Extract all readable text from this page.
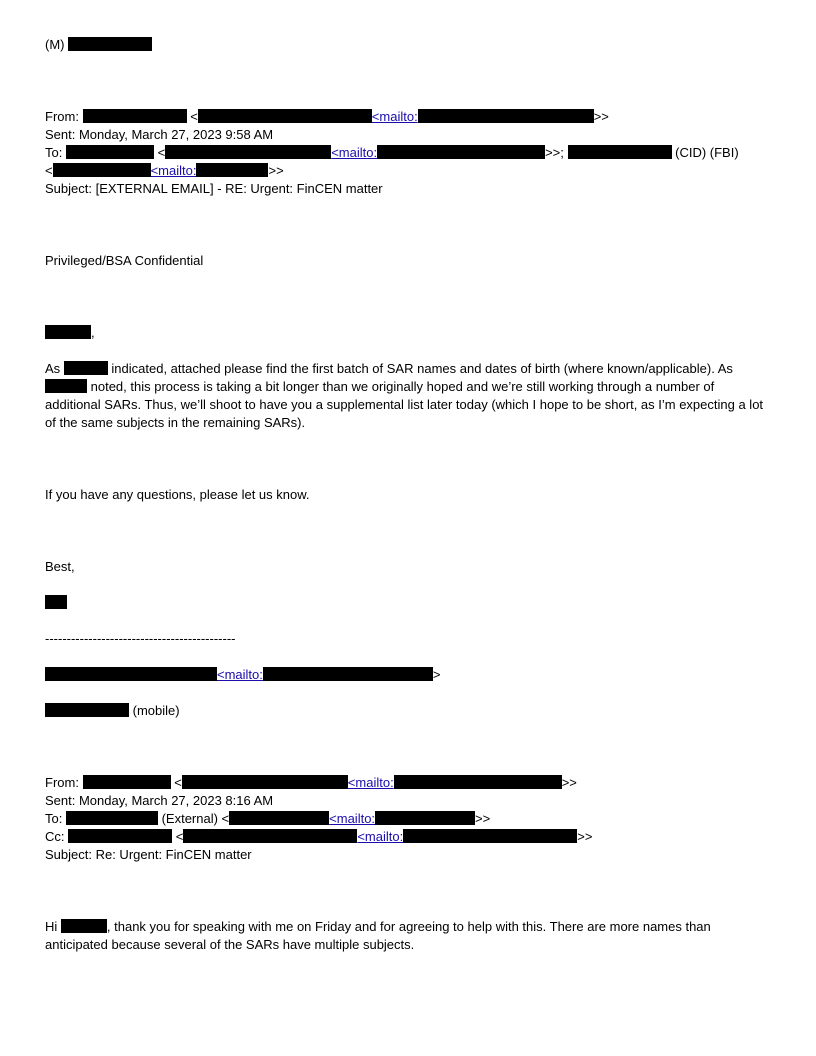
(M)
From:	<	<mailto:	>>
Sent: Monday, March 27, 2023 9:58 AM
To:	<	<mailto:	>>;	(CID) (FBI)
<	<mailto:	>>
Subject: [EXTERNAL EMAIL] - RE: Urgent: FinCEN matter
Privileged/BSA Confidential
,
As	indicated, attached please find the first batch of SAR names and dates of birth (where known/applicable). As  noted, this process is taking a bit longer than we originally hoped and we’re still working through a number of additional SARs. Thus, we’ll shoot to have you a supplemental list later today (which I hope to be short, as I’m expecting a lot of the same subjects in the remaining SARs).
If you have any questions, please let us know.
Best,
--------------------------------------------
<mailto:	>
(mobile)
From:	<	<mailto:	>>
Sent: Monday, March 27, 2023 8:16 AM
To:	(External) <	<mailto:	>>
Cc:	<	<mailto:	>>
Subject: Re: Urgent: FinCEN matter
Hi	, thank you for speaking with me on Friday and for agreeing to help with this. There are more names than anticipated because several of the SARs have multiple subjects.
